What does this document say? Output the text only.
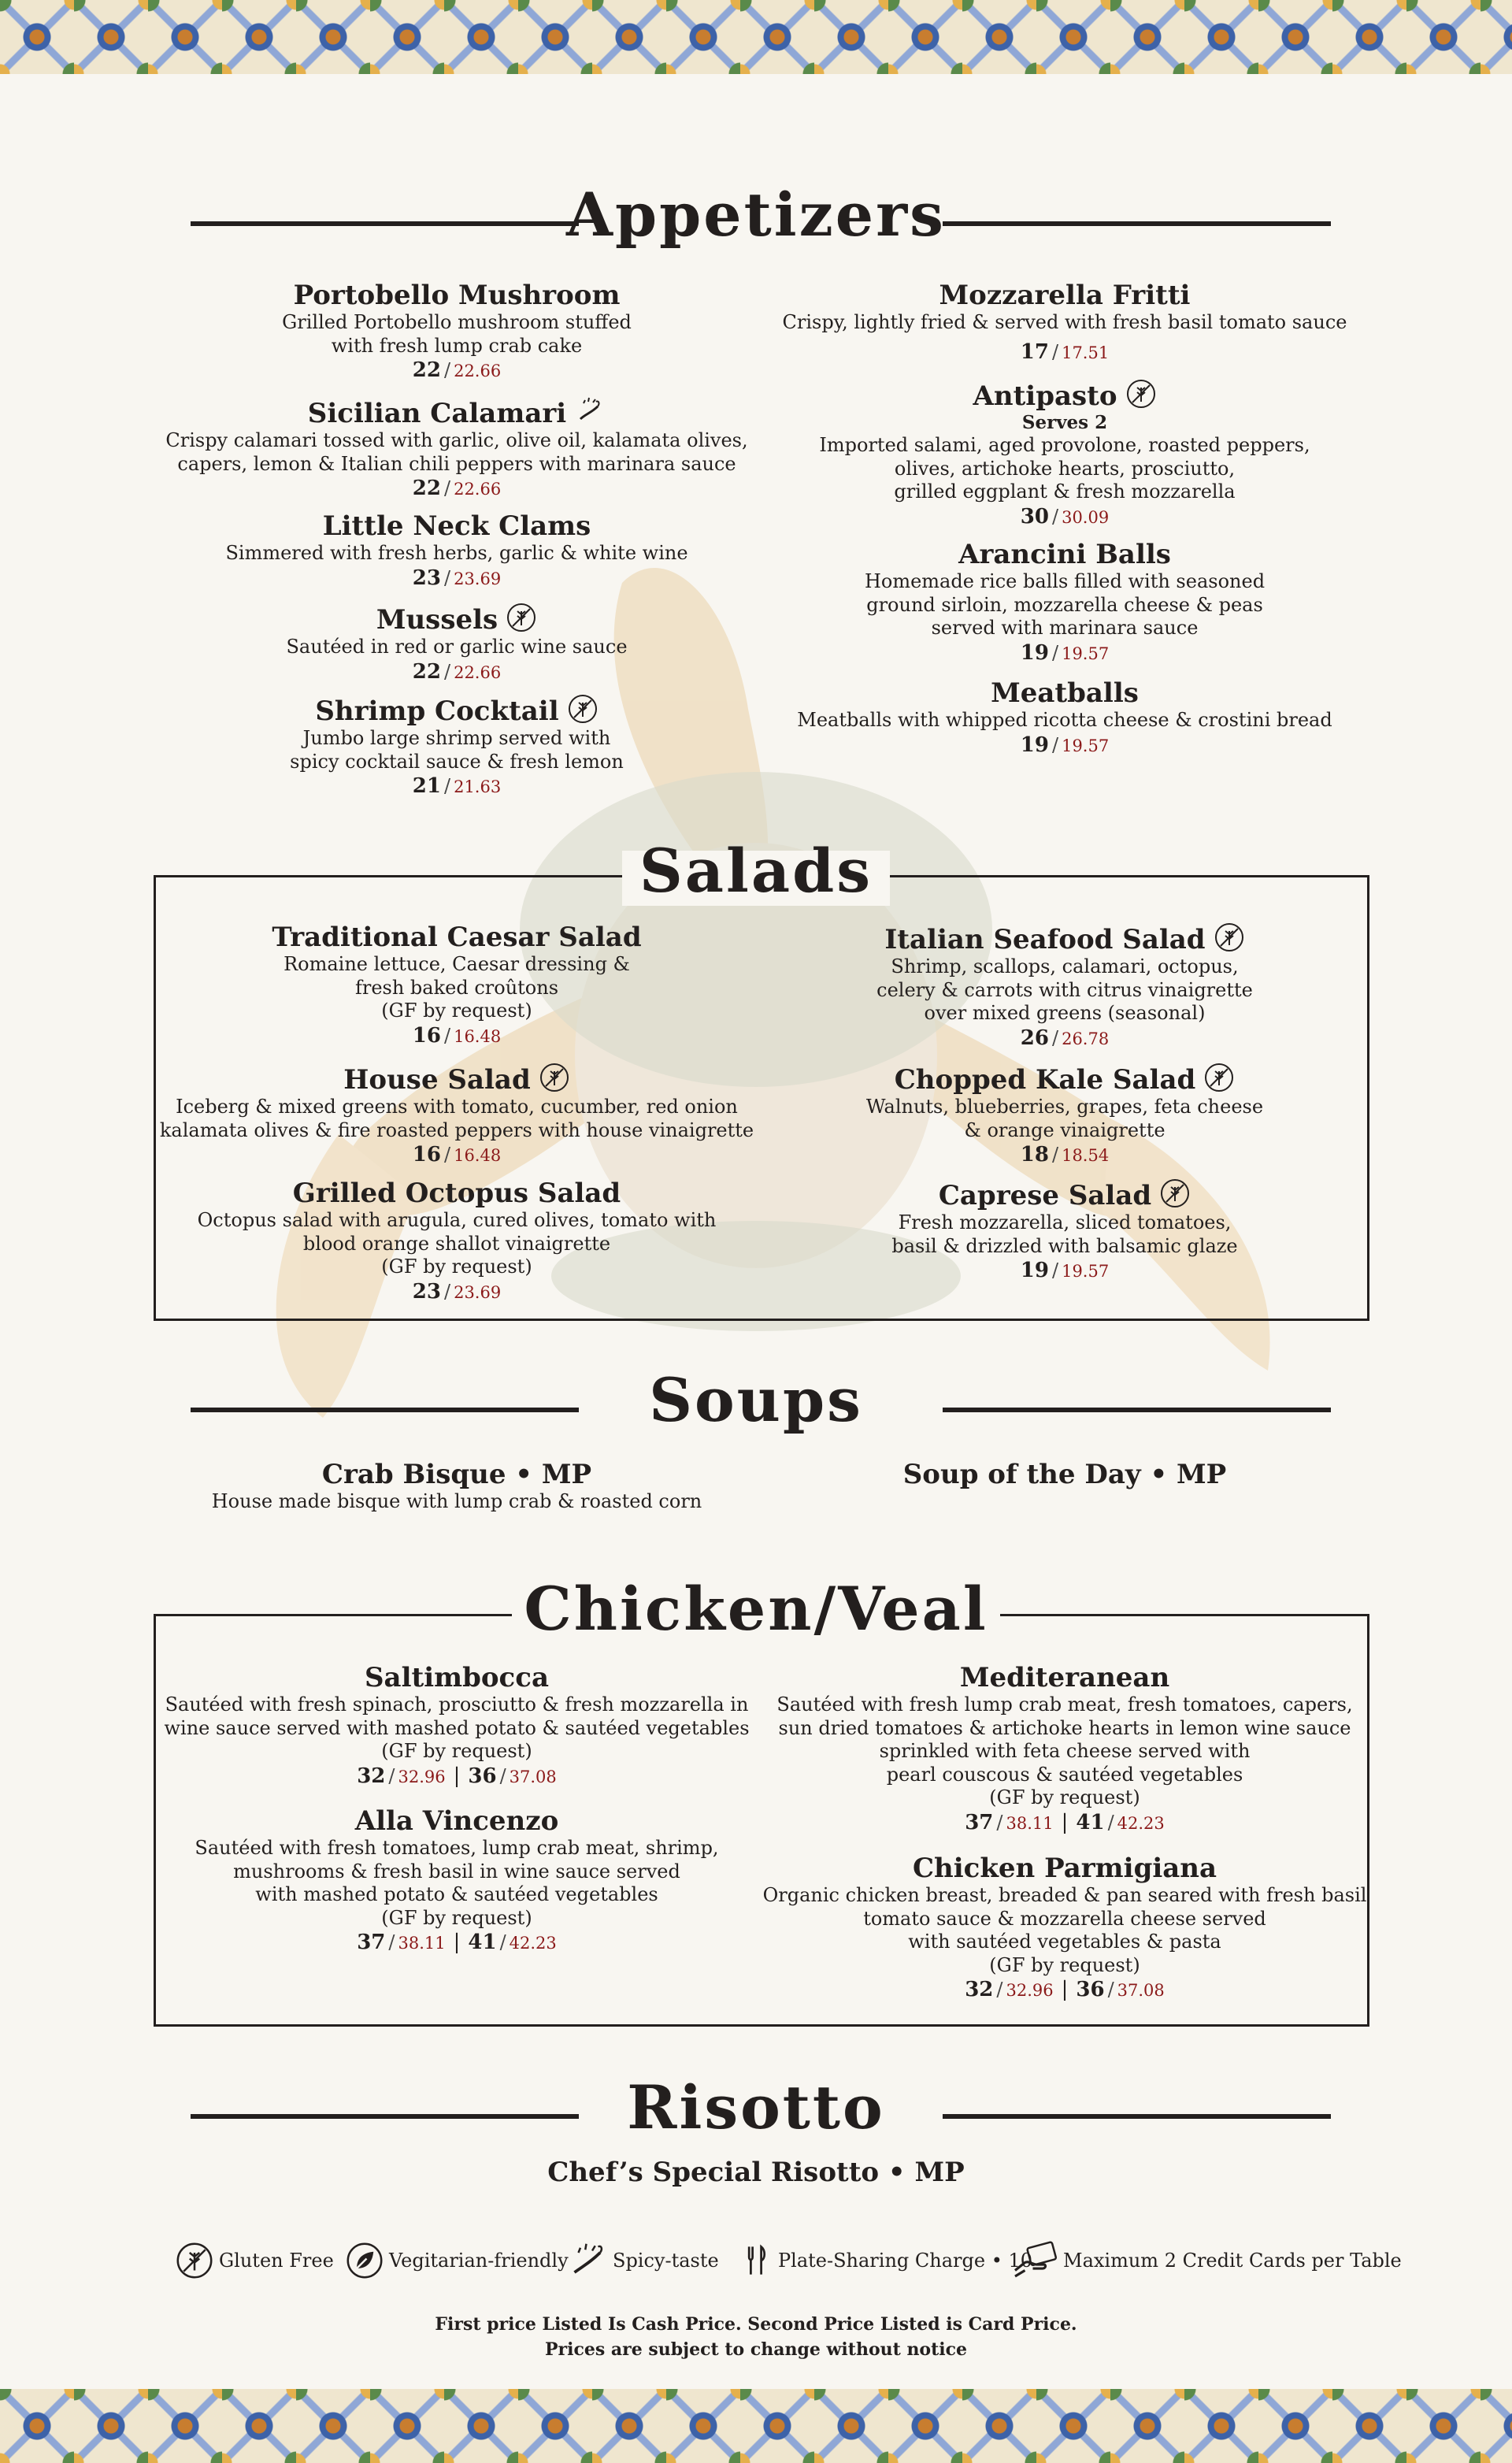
Appetizers
Portobello Mushroom
Grilled Portobello mushroom stuffed
with fresh lump crab cake
22 / 22.66
Sicilian Calamari
Crispy calamari tossed with garlic, olive oil, kalamata olives,
capers, lemon & Italian chili peppers with marinara sauce
22 / 22.66
Little Neck Clams
Simmered with fresh herbs, garlic & white wine
23 / 23.69
Mussels
Sautéed in red or garlic wine sauce
22 / 22.66
Shrimp Cocktail
Jumbo large shrimp served with
spicy cocktail sauce & fresh lemon
21 / 21.63
Mozzarella Fritti
Crispy, lightly fried & served with fresh basil tomato sauce
17 / 17.51
Antipasto
Serves 2
Imported salami, aged provolone, roasted peppers,
olives, artichoke hearts, prosciutto,
grilled eggplant & fresh mozzarella
30 / 30.09
Arancini Balls
Homemade rice balls filled with seasoned
ground sirloin, mozzarella cheese & peas
served with marinara sauce
19 / 19.57
Meatballs
Meatballs with whipped ricotta cheese & crostini bread
19 / 19.57
Salads
Traditional Caesar Salad
Romaine lettuce, Caesar dressing &
fresh baked croûtons
(GF by request)
16 / 16.48
House Salad
Iceberg & mixed greens with tomato, cucumber, red onion
kalamata olives & fire roasted peppers with house vinaigrette
16 / 16.48
Grilled Octopus Salad
Octopus salad with arugula, cured olives, tomato with
blood orange shallot vinaigrette
(GF by request)
23 / 23.69
Italian Seafood Salad
Shrimp, scallops, calamari, octopus,
celery & carrots with citrus vinaigrette
over mixed greens (seasonal)
26 / 26.78
Chopped Kale Salad
Walnuts, blueberries, grapes, feta cheese
& orange vinaigrette
18 / 18.54
Caprese Salad
Fresh mozzarella, sliced tomatoes,
basil & drizzled with balsamic glaze
19 / 19.57
Soups
Crab Bisque • MP
House made bisque with lump crab & roasted corn
Soup of the Day • MP
Chicken/Veal
Saltimbocca
Sautéed with fresh spinach, prosciutto & fresh mozzarella in
wine sauce served with mashed potato & sautéed vegetables
(GF by request)
32 / 32.96 | 36 / 37.08
Alla Vincenzo
Sautéed with fresh tomatoes, lump crab meat, shrimp,
mushrooms & fresh basil in wine sauce served
with mashed potato & sautéed vegetables
(GF by request)
37 / 38.11 | 41 / 42.23
Mediteranean
Sautéed with fresh lump crab meat, fresh tomatoes, capers,
sun dried tomatoes & artichoke hearts in lemon wine sauce
sprinkled with feta cheese served with
pearl couscous & sautéed vegetables
(GF by request)
37 / 38.11 | 41 / 42.23
Chicken Parmigiana
Organic chicken breast, breaded & pan seared with fresh basil
tomato sauce & mozzarella cheese served
with sautéed vegetables & pasta
(GF by request)
32 / 32.96 | 36 / 37.08
Risotto
Chef’s Special Risotto • MP
Gluten Free	Vegitarian-friendly Spicy-taste	Plate-Sharing Charge • 10 Maximum 2 Credit Cards per Table
First price Listed Is Cash Price. Second Price Listed is Card Price.
Prices are subject to change without notice
